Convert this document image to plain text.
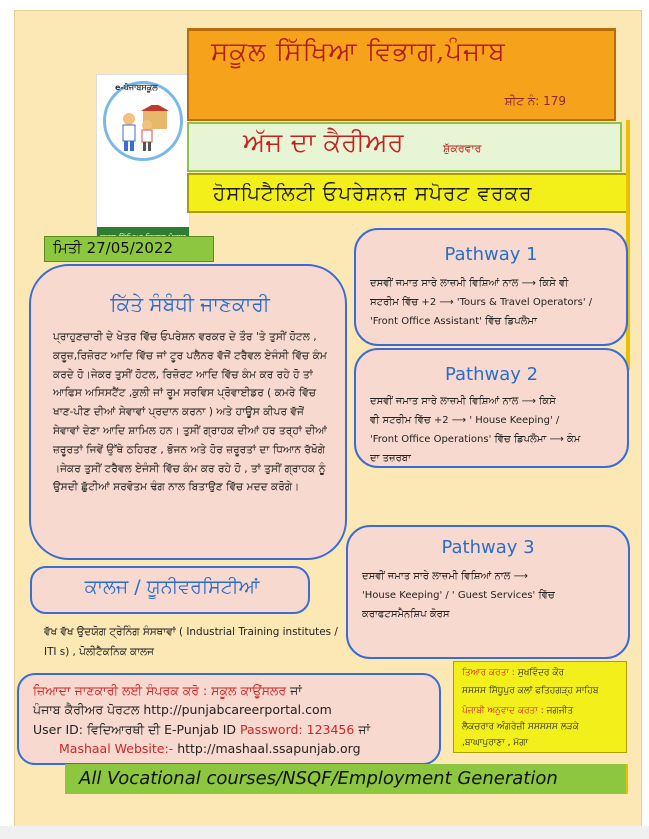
e-ਪੰਜਾਬਸਕੂਲ
ਸਕੂਲ ਸਿੱਖਿਆ ਵਿਭਾਗ,ਪੰਜਾਬ
ਸ਼ੀਟ ਨੰ: 179
ਅੱਜ ਦਾ ਕੈਰੀਅਰ	ਸ਼ੁੱਕਰਵਾਰ
ਹੋਸਪਿਟੈਲਿਟੀ ਓਪਰੇਸ਼ਨਜ਼ ਸਪੋਰਟ ਵਰਕਰ
ਮਿਤੀ 27/05/2022
ਕਿੱਤੇ ਸੰਬੰਧੀ ਜਾਣਕਾਰੀ
ਪ੍ਰਾਹੁਣਚਾਰੀ ਦੇ ਖੇਤਰ ਵਿੱਚ ਓਪਰੇਸ਼ਨ ਵਰਕਰ ਦੇ ਤੌਰ 'ਤੇ ਤੁਸੀਂ ਹੋਟਲ , ਕਰੂਜ਼,ਰਿਜ਼ੋਰਟ ਆਦਿ ਵਿੱਚ ਜਾਂ ਟੂਰ ਪਲੈਨਰ ਵੱਜੋਂ ਟਰੈਵਲ ਏਜੰਸੀ ਵਿੱਚ ਕੰਮ ਕਰਦੇ ਹੋ।ਜੇਕਰ ਤੁਸੀਂ ਹੋਟਲ, ਰਿਜ਼ੋਰਟ ਆਦਿ ਵਿੱਚ ਕੰਮ ਕਰ ਰਹੇ ਹੋ ਤਾਂ ਆਫਿਸ ਅਸਿਸਟੈਂਟ ,ਕੁਲੀ ਜਾਂ ਰੂਮ ਸਰਵਿਸ ਪ੍ਰੋਵਾਈਡਰ ( ਕਮਰੇ ਵਿੱਚ ਖਾਣ-ਪੀਣ ਦੀਆਂ ਸੇਵਾਵਾਂ ਪ੍ਰਦਾਨ ਕਰਨਾ ) ਅਤੇ ਹਾਊਸ ਕੀਪਰ ਵੱਜੋਂ ਸੇਵਾਵਾਂ ਦੇਣਾ ਆਦਿ ਸ਼ਾਮਿਲ ਹਨ। ਤੁਸੀਂ ਗ੍ਰਾਹਕ ਦੀਆਂ ਹਰ ਤਰ੍ਹਾਂ ਦੀਆਂ ਜ਼ਰੂਰਤਾਂ ਜਿਵੇਂ ਉੱਥੇ ਠਹਿਰਣ , ਭੋਜਨ ਅਤੇ ਹੋਰ ਜ਼ਰੂਰਤਾਂ ਦਾ ਧਿਆਨ ਰੱਖੋਗੇ ।ਜੇਕਰ ਤੁਸੀਂ ਟਰੈਵਲ ਏਜੰਸੀ ਵਿੱਚ ਕੰਮ ਕਰ ਰਹੇ ਹੋ , ਤਾਂ ਤੁਸੀਂ ਗ੍ਰਾਹਕ ਨੂੰ ਉਸਦੀ ਛੁੱਟੀਆਂ ਸਰਵੋਤਮ ਢੰਗ ਨਾਲ ਬਿਤਾਉਣ ਵਿੱਚ ਮਦਦ ਕਰੋਗੇ।
ਕਾਲਜ / ਯੂਨੀਵਰਸਿਟੀਆਂ
ਵੱਖ ਵੱਖ ਉਦਯੋਗ ਟ੍ਰੇਨਿੰਗ ਸੰਸਥਾਵਾਂ ( Industrial Training institutes / ITI s) , ਪੋਲੀਟੈਕਨਿਕ ਕਾਲਜ
Pathway 1
ਦਸਵੀਂ ਜਮਾਤ ਸਾਰੇ ਲਾਜ਼ਮੀ ਵਿਸ਼ਿਆਂ ਨਾਲ ⟶ ਕਿਸੇ ਵੀ
ਸਟਰੀਮ ਵਿੱਚ +2 ⟶ 'Tours & Travel Operators' /
'Front Office Assistant' ਵਿੱਚ ਡਿਪਲੋਮਾ
Pathway 2
ਦਸਵੀਂ ਜਮਾਤ ਸਾਰੇ ਲਾਜ਼ਮੀ ਵਿਸ਼ਿਆਂ ਨਾਲ ⟶ ਕਿਸੇ
ਵੀ ਸਟਰੀਮ ਵਿੱਚ +2 ⟶ ' House Keeping' /
'Front Office Operations' ਵਿੱਚ ਡਿਪਲੋਮਾ ⟶ ਕੰਮ
ਦਾ ਤਜ਼ਰਬਾ
Pathway 3
ਦਸਵੀਂ ਜਮਾਤ ਸਾਰੇ ਲਾਜ਼ਮੀ ਵਿਸ਼ਿਆਂ ਨਾਲ ⟶
'House Keeping' / ' Guest Services' ਵਿੱਚ
ਕਰਾਫਟਸਮੈਨਸ਼ਿਪ ਕੋਰਸ
ਜ਼ਿਆਦਾ ਜਾਣਕਾਰੀ ਲਈ ਸੰਪਰਕ ਕਰੋ : ਸਕੂਲ ਕਾਊਂਸਲਰ ਜਾਂ
ਪੰਜਾਬ ਕੈਰੀਅਰ ਪੋਰਟਲ http://punjabcareerportal.com
User ID: ਵਿਦਿਆਰਥੀ ਦੀ E-Punjab ID Password: 123456 ਜਾਂ
Mashaal Website:- http://mashaal.ssapunjab.org
ਤਿਆਰ ਕਰਤਾ : ਸੁਖਵਿੰਦਰ ਕੌਰ
ਸਸਸਸ ਸਿੱਧੂਪੁਰ ਕਲਾਂ ਫਤਿਹਗੜ੍ਹ ਸਾਹਿਬ
ਪੰਜਾਬੀ ਅਨੁਵਾਦ ਕਰਤਾ : ਜਗਜੀਤ
ਲੈਕਚਰਾਰ ਅੰਗਰੇਜ਼ੀ ਸਸਸਸਸ ਲੜਕੇ
,ਬਾਘਾਪੁਰਾਣਾ , ਮੋਗਾ
All Vocational courses/NSQF/Employment Generation
